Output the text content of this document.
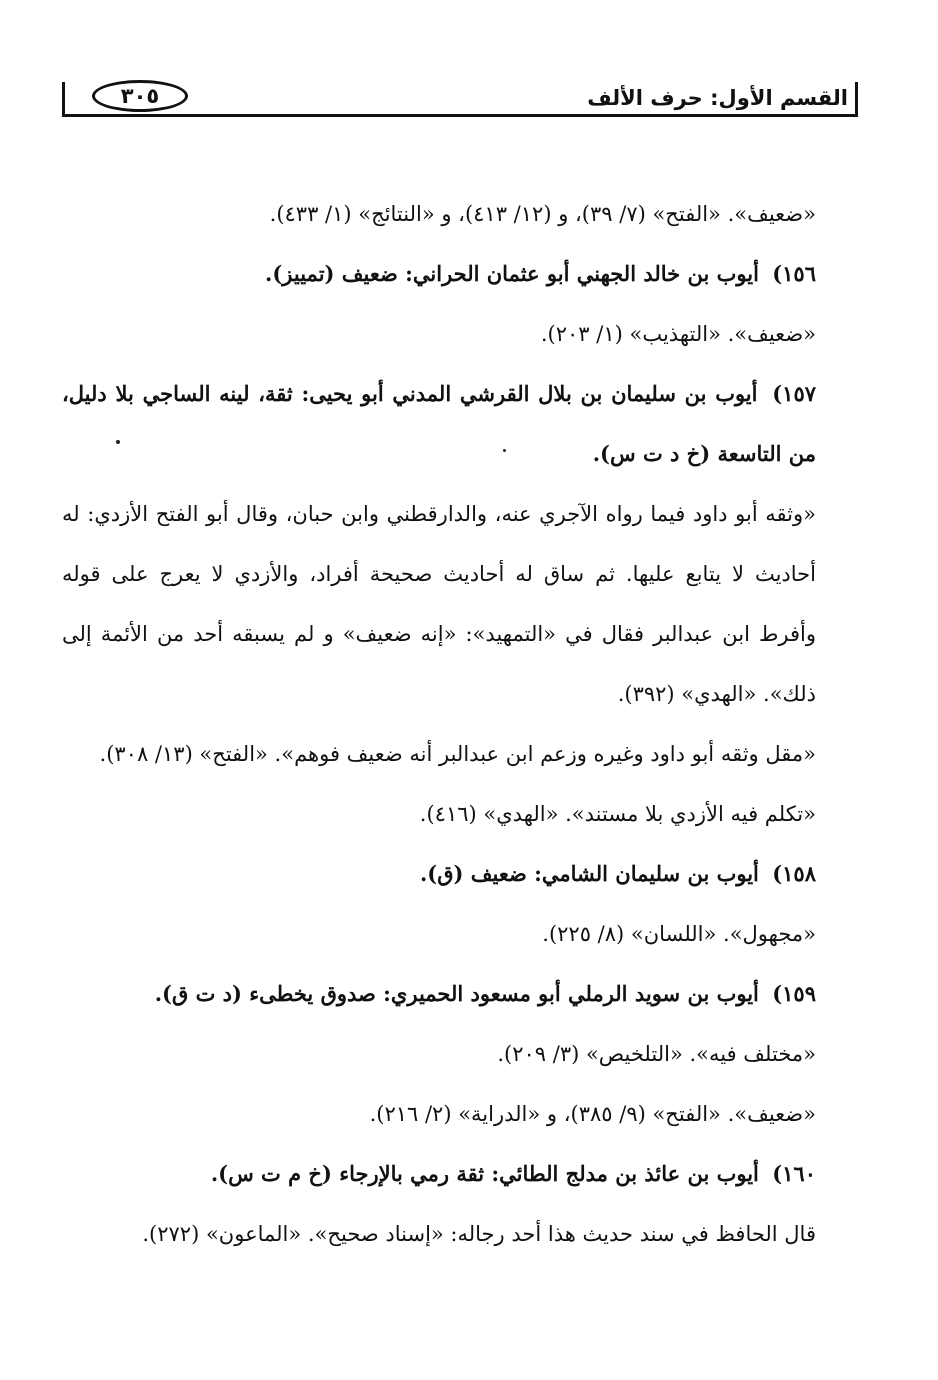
القسم الأول: حرف الألف
٣٠٥

«ضعيف». «الفتح» (٧/ ٣٩)، و (١٢/ ٤١٣)، و «النتائج» (١/ ٤٣٣).

١٥٦) أيوب بن خالد الجهني أبو عثمان الحراني: ضعيف (تمييز).

«ضعيف». «التهذيب» (١/ ٢٠٣).

١٥٧) أيوب بن سليمان بن بلال القرشي المدني أبو يحيى: ثقة، لينه الساجي بلا دليل، من التاسعة (خ د ت س).

«وثقه أبو داود فيما رواه الآجري عنه، والدارقطني وابن حبان، وقال أبو الفتح الأزدي: له أحاديث لا يتابع عليها. ثم ساق له أحاديث صحيحة أفراد، والأزدي لا يعرج على قوله وأفرط ابن عبدالبر فقال في «التمهيد»: «إنه ضعيف» و لم يسبقه أحد من الأئمة إلى ذلك». «الهدي» (٣٩٢).

«مقل وثقه أبو داود وغيره وزعم ابن عبدالبر أنه ضعيف فوهم». «الفتح» (١٣/ ٣٠٨).

«تكلم فيه الأزدي بلا مستند». «الهدي» (٤١٦).

١٥٨) أيوب بن سليمان الشامي: ضعيف (ق).

«مجهول». «اللسان» (٨/ ٢٢٥).

١٥٩) أيوب بن سويد الرملي أبو مسعود الحميري: صدوق يخطىء (د ت ق).

«مختلف فيه». «التلخيص» (٣/ ٢٠٩).

«ضعيف». «الفتح» (٩/ ٣٨٥)، و «الدراية» (٢/ ٢١٦).

١٦٠) أيوب بن عائذ بن مدلج الطائي: ثقة رمي بالإرجاء (خ م ت س).

قال الحافظ في سند حديث هذا أحد رجاله: «إسناد صحيح». «الماعون» (٢٧٢).
